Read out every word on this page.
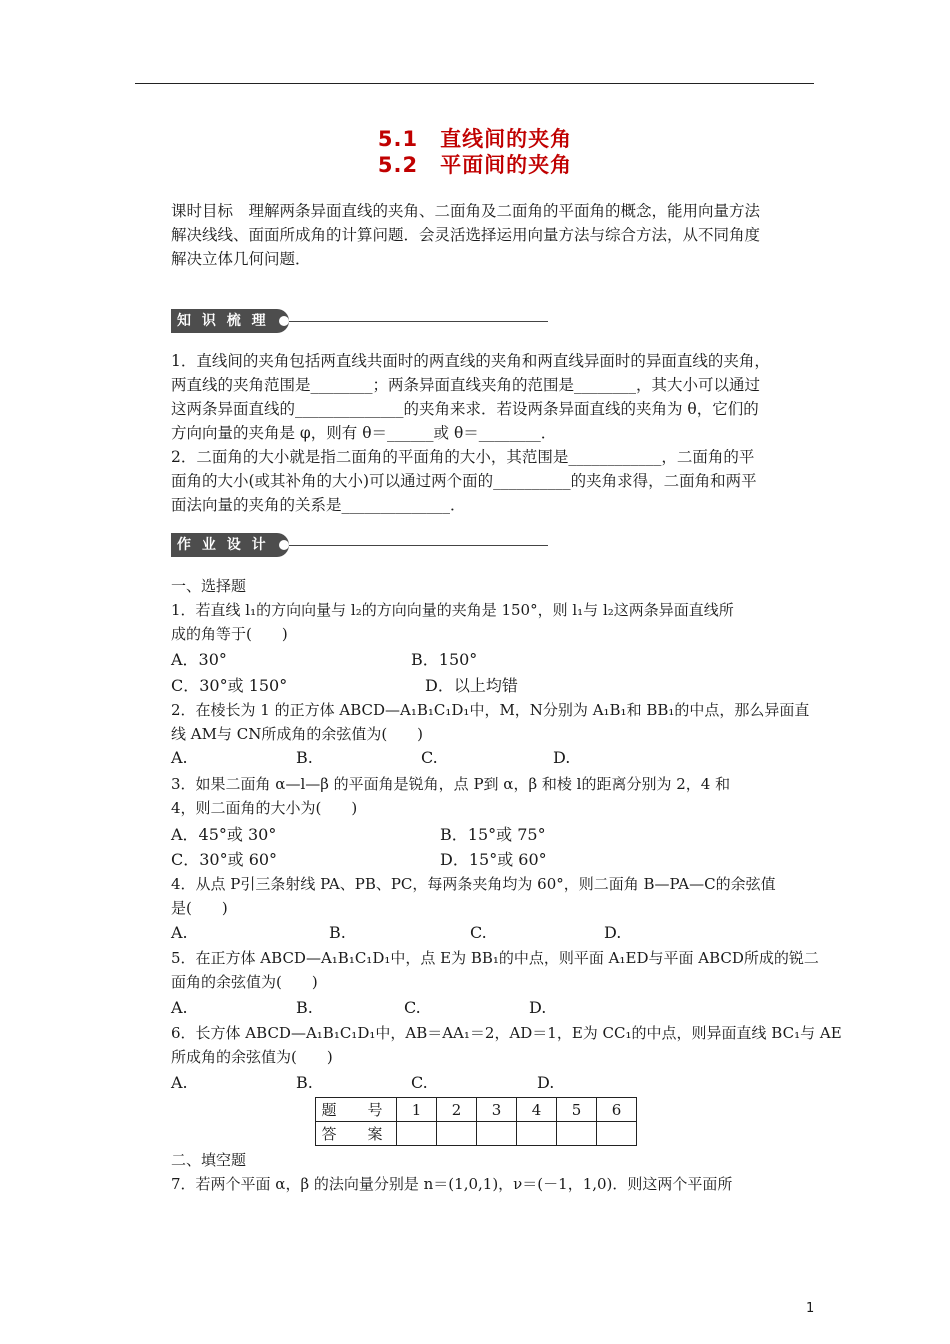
5.1　直线间的夹角
5.2　平面间的夹角
课时目标　理解两条异面直线的夹角、二面角及二面角的平面角的概念，能用向量方法
解决线线、面面所成角的计算问题．会灵活选择运用向量方法与综合方法，从不同角度
解决立体几何问题．
知 识 梳 理
1．直线间的夹角包括两直线共面时的两直线的夹角和两直线异面时的异面直线的夹角，
两直线的夹角范围是________；两条异面直线夹角的范围是________，其大小可以通过
这两条异面直线的______________的夹角来求．若设两条异面直线的夹角为 θ，它们的
方向向量的夹角是 φ，则有 θ＝______或 θ＝________．
2．二面角的大小就是指二面角的平面角的大小，其范围是____________，二面角的平
面角的大小(或其补角的大小)可以通过两个面的__________的夹角求得，二面角和两平
面法向量的夹角的关系是______________．
作 业 设 计
一、选择题
1．若直线 l₁的方向向量与 l₂的方向向量的夹角是 150°，则 l₁与 l₂这两条异面直线所
成的角等于(　　)
A．30°	B．150°
C．30°或 150°	D．以上均错
2．在棱长为 1 的正方体 ABCD—A₁B₁C₁D₁中，M，N分别为 A₁B₁和 BB₁的中点，那么异面直
线 AM与 CN所成角的余弦值为(　　)
A.	B.	C.	D.
3．如果二面角 α—l—β 的平面角是锐角，点 P到 α，β 和棱 l的距离分别为 2，4 和
4，则二面角的大小为(　　)
A．45°或 30°	B．15°或 75°
C．30°或 60°	D．15°或 60°
4．从点 P引三条射线 PA、PB、PC，每两条夹角均为 60°，则二面角 B—PA—C的余弦值
是(　　)
A.	B.	C.	D.
5．在正方体 ABCD—A₁B₁C₁D₁中，点 E为 BB₁的中点，则平面 A₁ED与平面 ABCD所成的锐二
面角的余弦值为(　　)
A.	B.	C.	D.
6．长方体 ABCD—A₁B₁C₁D₁中，AB＝AA₁＝2，AD＝1，E为 CC₁的中点，则异面直线 BC₁与 AE
所成角的余弦值为(　　)
A.	B.	C.	D.
题　号	1	2	3	4	5	6
答　案						
二、填空题
7．若两个平面 α，β 的法向量分别是 n＝(1,0,1)，ν＝(－1，1,0)．则这两个平面所
1
